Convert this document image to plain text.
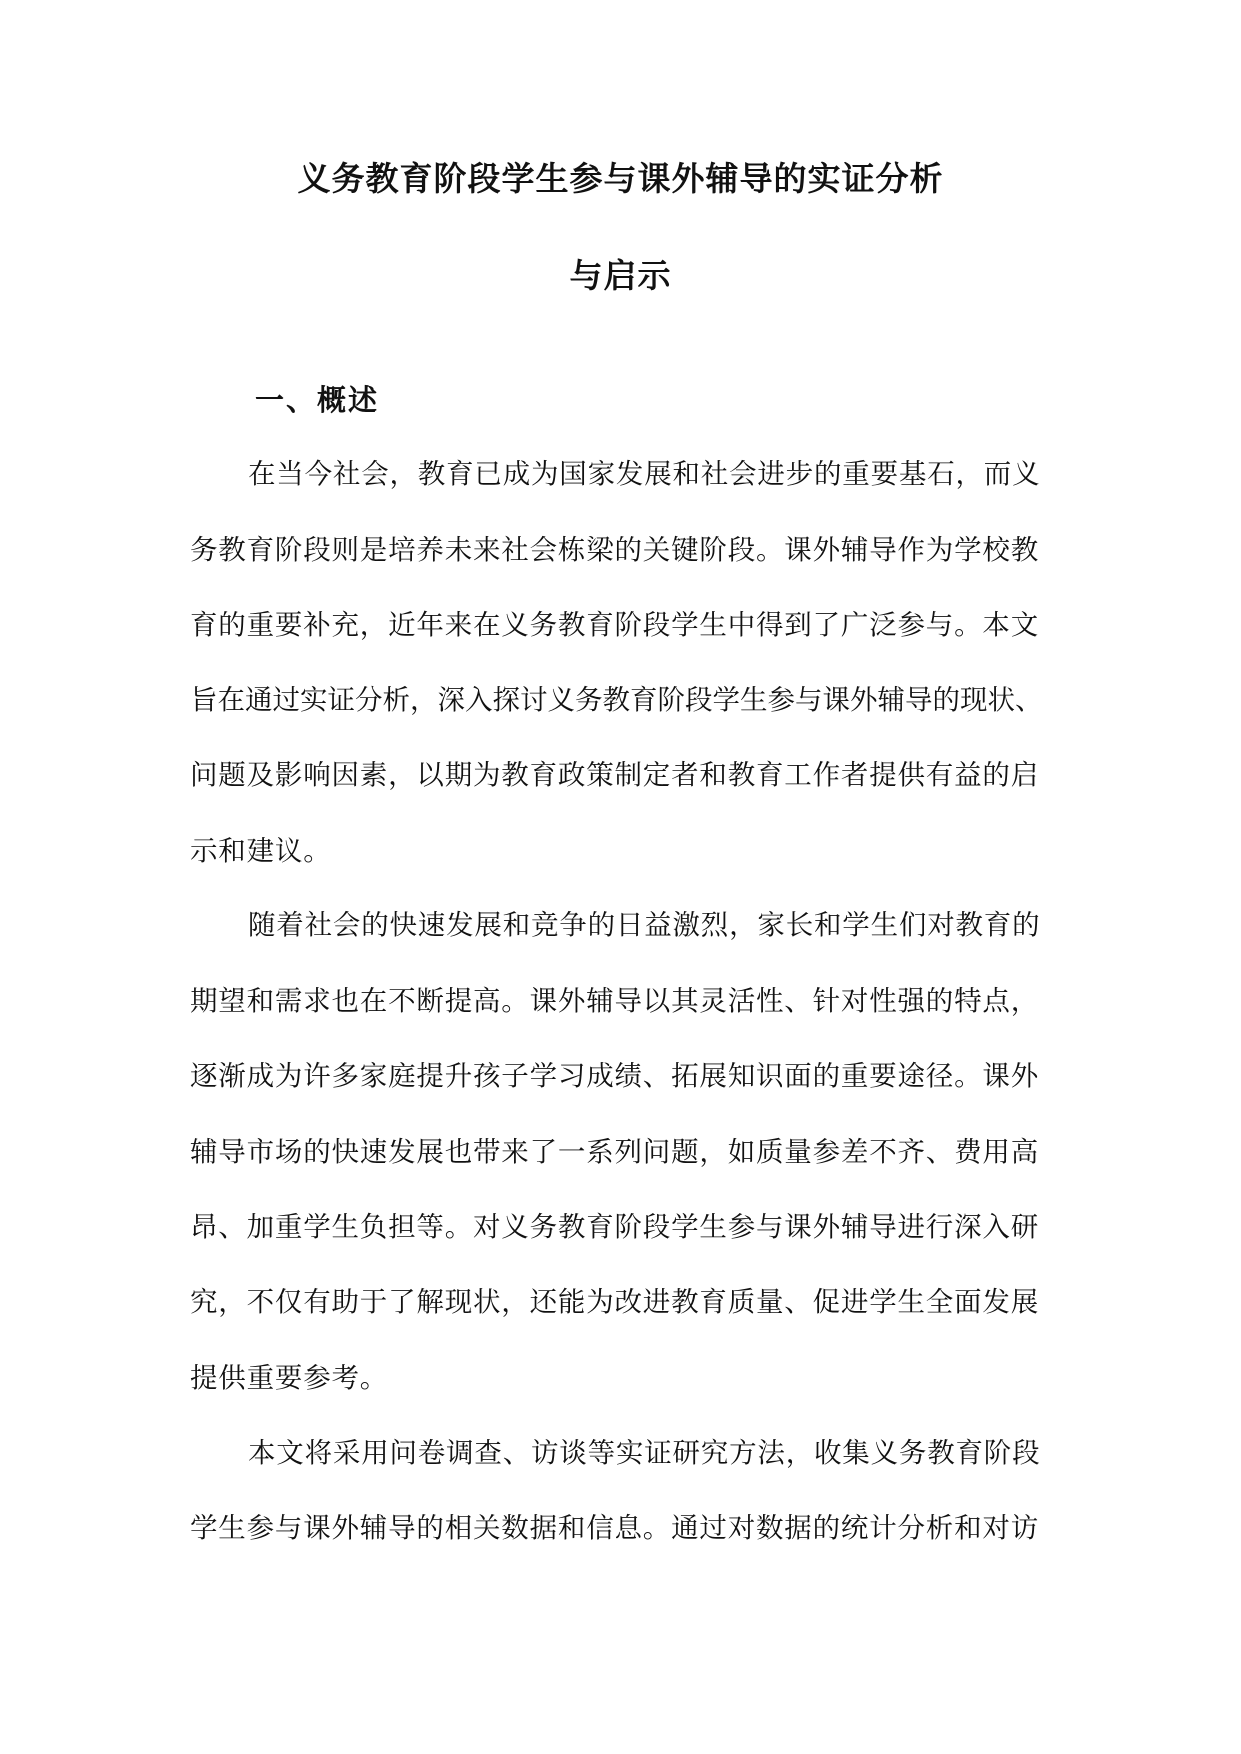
义务教育阶段学生参与课外辅导的实证分析
与启示
一、概述

在当今社会，教育已成为国家发展和社会进步的重要基石，而义

务教育阶段则是培养未来社会栋梁的关键阶段。课外辅导作为学校教

育的重要补充，近年来在义务教育阶段学生中得到了广泛参与。本文

旨在通过实证分析，深入探讨义务教育阶段学生参与课外辅导的现状、

问题及影响因素，以期为教育政策制定者和教育工作者提供有益的启

示和建议。

随着社会的快速发展和竞争的日益激烈，家长和学生们对教育的

期望和需求也在不断提高。课外辅导以其灵活性、针对性强的特点，

逐渐成为许多家庭提升孩子学习成绩、拓展知识面的重要途径。课外

辅导市场的快速发展也带来了一系列问题，如质量参差不齐、费用高

昂、加重学生负担等。对义务教育阶段学生参与课外辅导进行深入研

究，不仅有助于了解现状，还能为改进教育质量、促进学生全面发展

提供重要参考。

本文将采用问卷调查、访谈等实证研究方法，收集义务教育阶段

学生参与课外辅导的相关数据和信息。通过对数据的统计分析和对访
